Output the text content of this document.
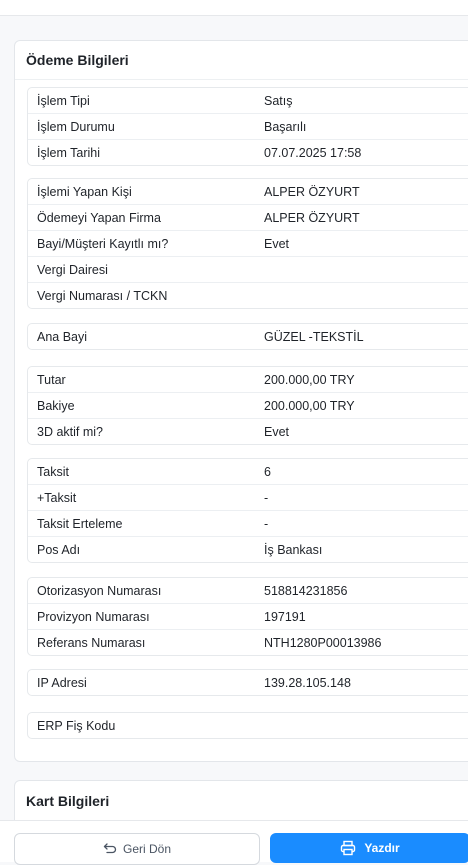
Ödeme Bilgileri
İşlem Tipi	Satış
İşlem Durumu	Başarılı
İşlem Tarihi	07.07.2025 17:58
İşlemi Yapan Kişi	ALPER ÖZYURT
Ödemeyi Yapan Firma	ALPER ÖZYURT
Bayi/Müşteri Kayıtlı mı?	Evet
Vergi Dairesi
Vergi Numarası / TCKN
Ana Bayi	GÜZEL -TEKSTİL
Tutar	200.000,00 TRY
Bakiye	200.000,00 TRY
3D aktif mi?	Evet
Taksit	6
+Taksit	-
Taksit Erteleme	-
Pos Adı	İş Bankası
Otorizasyon Numarası	518814231856
Provizyon Numarası	197191
Referans Numarası	NTH1280P00013986
IP Adresi	139.28.105.148
ERP Fiş Kodu
Kart Bilgileri
Geri Dön	Yazdır
